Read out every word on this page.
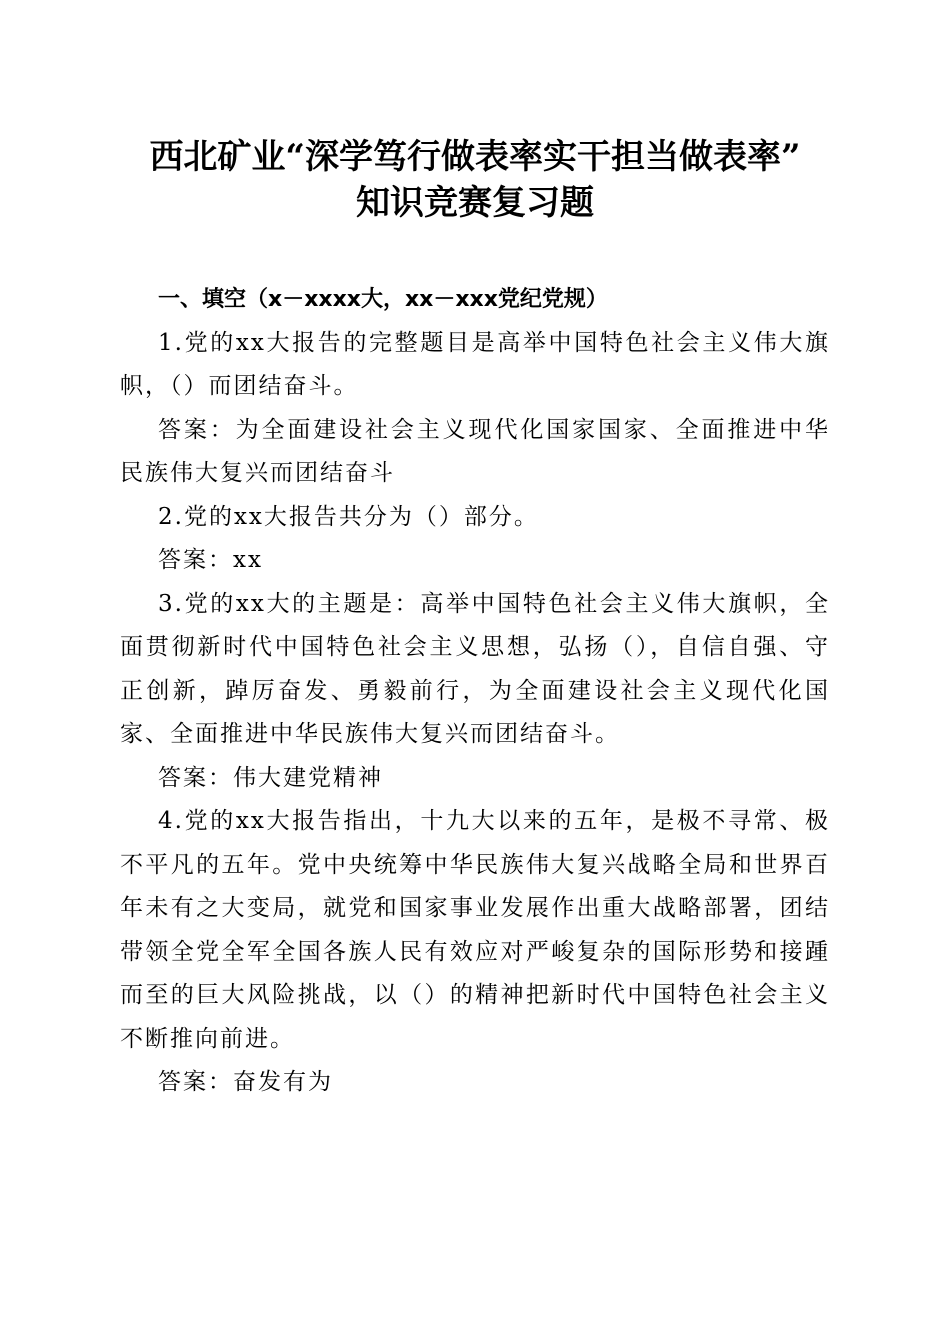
西北矿业“深学笃行做表率实干担当做表率”
知识竞赛复习题
一、填空（x－xxxx大，xx－xxx党纪党规）

1.党的xx大报告的完整题目是高举中国特色社会主义伟大旗帜，（）而团结奋斗。

答案：为全面建设社会主义现代化国家国家、全面推进中华民族伟大复兴而团结奋斗

2.党的xx大报告共分为（）部分。

答案：xx

3.党的xx大的主题是：高举中国特色社会主义伟大旗帜，全面贯彻新时代中国特色社会主义思想，弘扬（），自信自强、守正创新，踔厉奋发、勇毅前行，为全面建设社会主义现代化国家、全面推进中华民族伟大复兴而团结奋斗。

答案：伟大建党精神

4.党的xx大报告指出，十九大以来的五年，是极不寻常、极不平凡的五年。党中央统筹中华民族伟大复兴战略全局和世界百年未有之大变局，就党和国家事业发展作出重大战略部署，团结带领全党全军全国各族人民有效应对严峻复杂的国际形势和接踵而至的巨大风险挑战，以（）的精神把新时代中国特色社会主义不断推向前进。

答案：奋发有为
